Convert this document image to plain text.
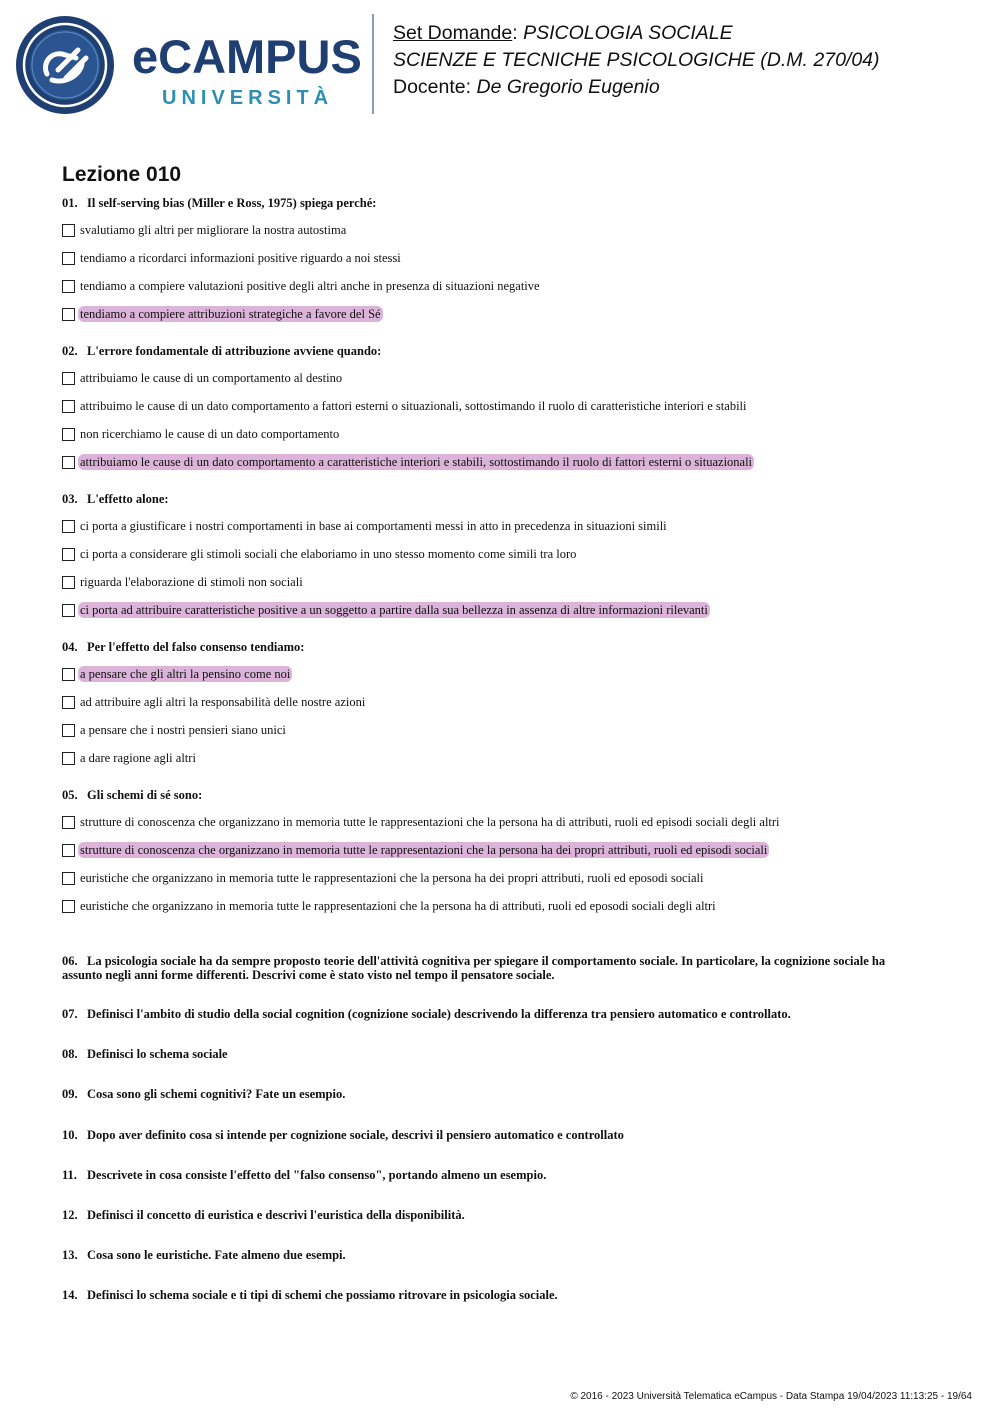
eCAMPUS
UNIVERSITÀ
Set Domande: PSICOLOGIA SOCIALE
SCIENZE E TECNICHE PSICOLOGICHE (D.M. 270/04)
Docente: De Gregorio Eugenio
Lezione 010
01. Il self-serving bias (Miller e Ross, 1975) spiega perché:
svalutiamo gli altri per migliorare la nostra autostima
tendiamo a ricordarci informazioni positive riguardo a noi stessi
tendiamo a compiere valutazioni positive degli altri anche in presenza di situazioni negative
tendiamo a compiere attribuzioni strategiche a favore del Sé
02. L'errore fondamentale di attribuzione avviene quando:
attribuiamo le cause di un comportamento al destino
attribuimo le cause di un dato comportamento a fattori esterni o situazionali, sottostimando il ruolo di caratteristiche interiori e stabili
non ricerchiamo le cause di un dato comportamento
attribuiamo le cause di un dato comportamento a caratteristiche interiori e stabili, sottostimando il ruolo di fattori esterni o situazionali
03. L'effetto alone:
ci porta a giustificare i nostri comportamenti in base ai comportamenti messi in atto in precedenza in situazioni simili
ci porta a considerare gli stimoli sociali che elaboriamo in uno stesso momento come simili tra loro
riguarda l'elaborazione di stimoli non sociali
ci porta ad attribuire caratteristiche positive a un soggetto a partire dalla sua bellezza in assenza di altre informazioni rilevanti
04. Per l'effetto del falso consenso tendiamo:
a pensare che gli altri la pensino come noi
ad attribuire agli altri la responsabilità delle nostre azioni
a pensare che i nostri pensieri siano unici
a dare ragione agli altri
05. Gli schemi di sé sono:
strutture di conoscenza che organizzano in memoria tutte le rappresentazioni che la persona ha di attributi, ruoli ed episodi sociali degli altri
strutture di conoscenza che organizzano in memoria tutte le rappresentazioni che la persona ha dei propri attributi, ruoli ed episodi sociali
euristiche che organizzano in memoria tutte le rappresentazioni che la persona ha dei propri attributi, ruoli ed eposodi sociali
euristiche che organizzano in memoria tutte le rappresentazioni che la persona ha di attributi, ruoli ed eposodi sociali degli altri
06. La psicologia sociale ha da sempre proposto teorie dell'attività cognitiva per spiegare il comportamento sociale. In particolare, la cognizione sociale ha assunto negli anni forme differenti. Descrivi come è stato visto nel tempo il pensatore sociale.
07. Definisci l'ambito di studio della social cognition (cognizione sociale) descrivendo la differenza tra pensiero automatico e controllato.
08. Definisci lo schema sociale
09. Cosa sono gli schemi cognitivi? Fate un esempio.
10. Dopo aver definito cosa si intende per cognizione sociale, descrivi il pensiero automatico e controllato
11. Descrivete in cosa consiste l'effetto del "falso consenso", portando almeno un esempio.
12. Definisci il concetto di euristica e descrivi l'euristica della disponibilità.
13. Cosa sono le euristiche. Fate almeno due esempi.
14. Definisci lo schema sociale e ti tipi di schemi che possiamo ritrovare in psicologia sociale.
© 2016 - 2023 Università Telematica eCampus - Data Stampa 19/04/2023 11:13:25 - 19/64
